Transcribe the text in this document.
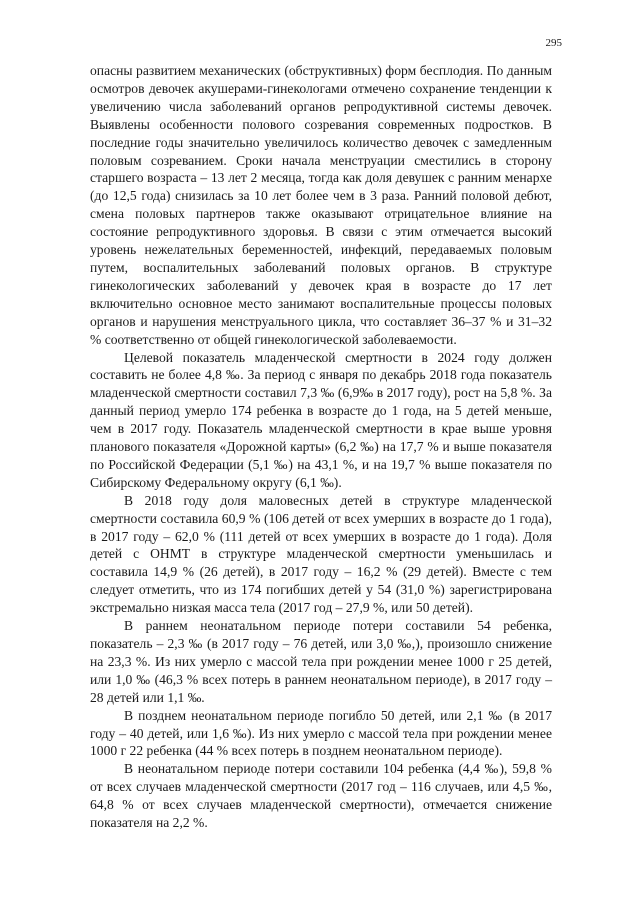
295

опасны развитием механических (обструктивных) форм бесплодия. По данным осмотров девочек акушерами-гинекологами отмечено сохранение тенденции к увеличению числа заболеваний органов репродуктивной системы девочек. Выявлены особенности полового созревания современных подростков. В последние годы значительно увеличилось количество девочек с замедленным половым созреванием. Сроки начала менструации сместились в сторону старшего возраста – 13 лет 2 месяца, тогда как доля девушек с ранним менархе (до 12,5 года) снизилась за 10 лет более чем в 3 раза. Ранний половой дебют, смена половых партнеров также оказывают отрицательное влияние на состояние репродуктивного здоровья. В связи с этим отмечается высокий уровень нежелательных беременностей, инфекций, передаваемых половым путем, воспалительных заболеваний половых органов. В структуре гинекологических заболеваний у девочек края в возрасте до 17 лет включительно основное место занимают воспалительные процессы половых органов и нарушения менструального цикла, что составляет 36–37 % и 31–32 % соответственно от общей гинекологической заболеваемости.

Целевой показатель младенческой смертности в 2024 году должен составить не более 4,8 ‰. За период с января по декабрь 2018 года показатель младенческой смертности составил 7,3 ‰ (6,9‰ в 2017 году), рост на 5,8 %. За данный период умерло 174 ребенка в возрасте до 1 года, на 5 детей меньше, чем в 2017 году. Показатель младенческой смертности в крае выше уровня планового показателя «Дорожной карты» (6,2 ‰) на 17,7 % и выше показателя по Российской Федерации (5,1 ‰) на 43,1 %, и на 19,7 % выше показателя по Сибирскому Федеральному округу (6,1 ‰).

В 2018 году доля маловесных детей в структуре младенческой смертности составила 60,9 % (106 детей от всех умерших в возрасте до 1 года), в 2017 году – 62,0 % (111 детей от всех умерших в возрасте до 1 года). Доля детей с ОНМТ в структуре младенческой смертности уменьшилась и составила 14,9 % (26 детей), в 2017 году – 16,2 % (29 детей). Вместе с тем следует отметить, что из 174 погибших детей у 54 (31,0 %) зарегистрирована экстремально низкая масса тела (2017 год – 27,9 %, или 50 детей).

В раннем неонатальном периоде потери составили 54 ребенка, показатель – 2,3 ‰ (в 2017 году – 76 детей, или 3,0 ‰,), произошло снижение на 23,3 %. Из них умерло с массой тела при рождении менее 1000 г 25 детей, или 1,0 ‰ (46,3 % всех потерь в раннем неонатальном периоде), в 2017 году – 28 детей или 1,1 ‰.

В позднем неонатальном периоде погибло 50 детей, или 2,1 ‰ (в 2017 году – 40 детей, или 1,6 ‰). Из них умерло с массой тела при рождении менее 1000 г 22 ребенка (44 % всех потерь в позднем неонатальном периоде).

В неонатальном периоде потери составили 104 ребенка (4,4 ‰), 59,8 % от всех случаев младенческой смертности (2017 год – 116 случаев, или 4,5 ‰, 64,8 % от всех случаев младенческой смертности), отмечается снижение показателя на 2,2 %.
